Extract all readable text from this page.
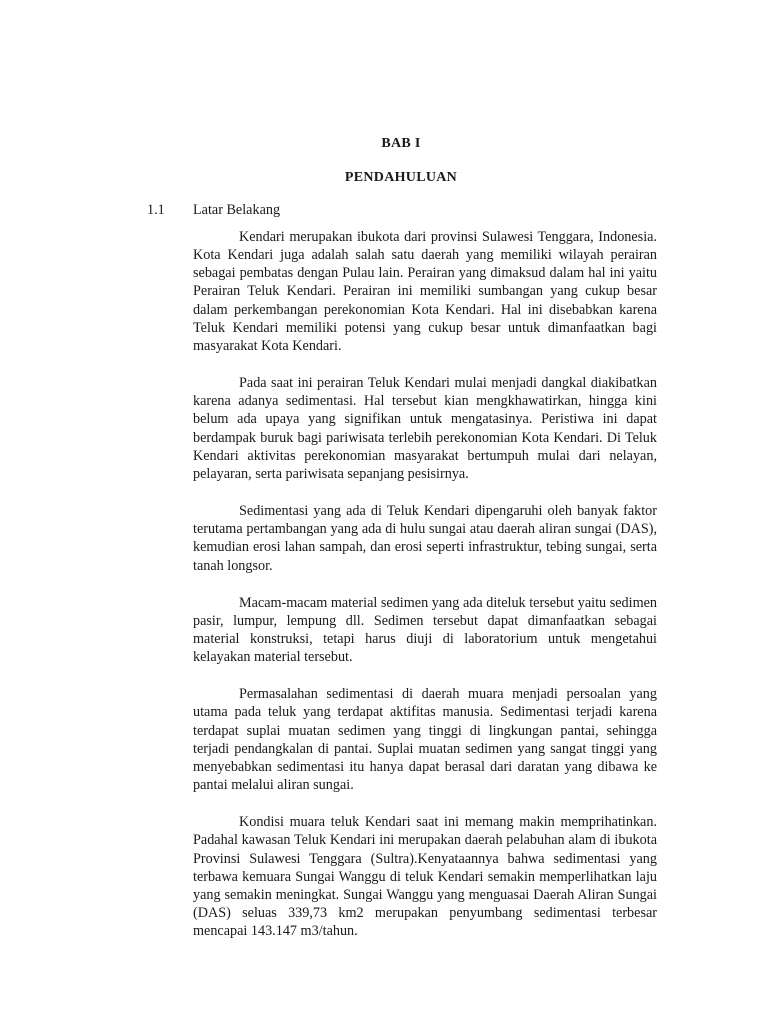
BAB I
PENDAHULUAN
1.1 Latar Belakang

Kendari merupakan ibukota dari provinsi Sulawesi Tenggara, Indonesia. Kota Kendari juga adalah salah satu daerah yang memiliki wilayah perairan sebagai pembatas dengan Pulau lain. Perairan yang dimaksud dalam hal ini yaitu Perairan Teluk Kendari. Perairan ini memiliki sumbangan yang cukup besar dalam perkembangan perekonomian Kota Kendari. Hal ini disebabkan karena Teluk Kendari memiliki potensi yang cukup besar untuk dimanfaatkan bagi masyarakat Kota Kendari.

Pada saat ini perairan Teluk Kendari mulai menjadi dangkal diakibatkan karena adanya sedimentasi. Hal tersebut kian mengkhawatirkan, hingga kini belum ada upaya yang signifikan untuk mengatasinya. Peristiwa ini dapat berdampak buruk bagi pariwisata terlebih perekonomian Kota Kendari. Di Teluk Kendari aktivitas perekonomian masyarakat bertumpuh mulai dari nelayan, pelayaran, serta pariwisata sepanjang pesisirnya.

Sedimentasi yang ada di Teluk Kendari dipengaruhi oleh banyak faktor terutama pertambangan yang ada di hulu sungai atau daerah aliran sungai (DAS), kemudian erosi lahan sampah, dan erosi seperti infrastruktur, tebing sungai, serta tanah longsor.

Macam-macam material sedimen yang ada diteluk tersebut yaitu sedimen pasir, lumpur, lempung dll. Sedimen tersebut dapat dimanfaatkan sebagai material konstruksi, tetapi harus diuji di laboratorium untuk mengetahui kelayakan material tersebut.

Permasalahan sedimentasi di daerah muara menjadi persoalan yang utama pada teluk yang terdapat aktifitas manusia. Sedimentasi terjadi karena terdapat suplai muatan sedimen yang tinggi di lingkungan pantai, sehingga terjadi pendangkalan di pantai. Suplai muatan sedimen yang sangat tinggi yang menyebabkan sedimentasi itu hanya dapat berasal dari daratan yang dibawa ke pantai melalui aliran sungai.

Kondisi muara teluk Kendari saat ini memang makin memprihatinkan. Padahal kawasan Teluk Kendari ini merupakan daerah pelabuhan alam di ibukota Provinsi Sulawesi Tenggara (Sultra).Kenyataannya bahwa sedimentasi yang terbawa kemuara Sungai Wanggu di teluk Kendari semakin memperlihatkan laju yang semakin meningkat. Sungai Wanggu yang menguasai Daerah Aliran Sungai (DAS) seluas 339,73 km2 merupakan penyumbang sedimentasi terbesar mencapai 143.147 m3/tahun.
